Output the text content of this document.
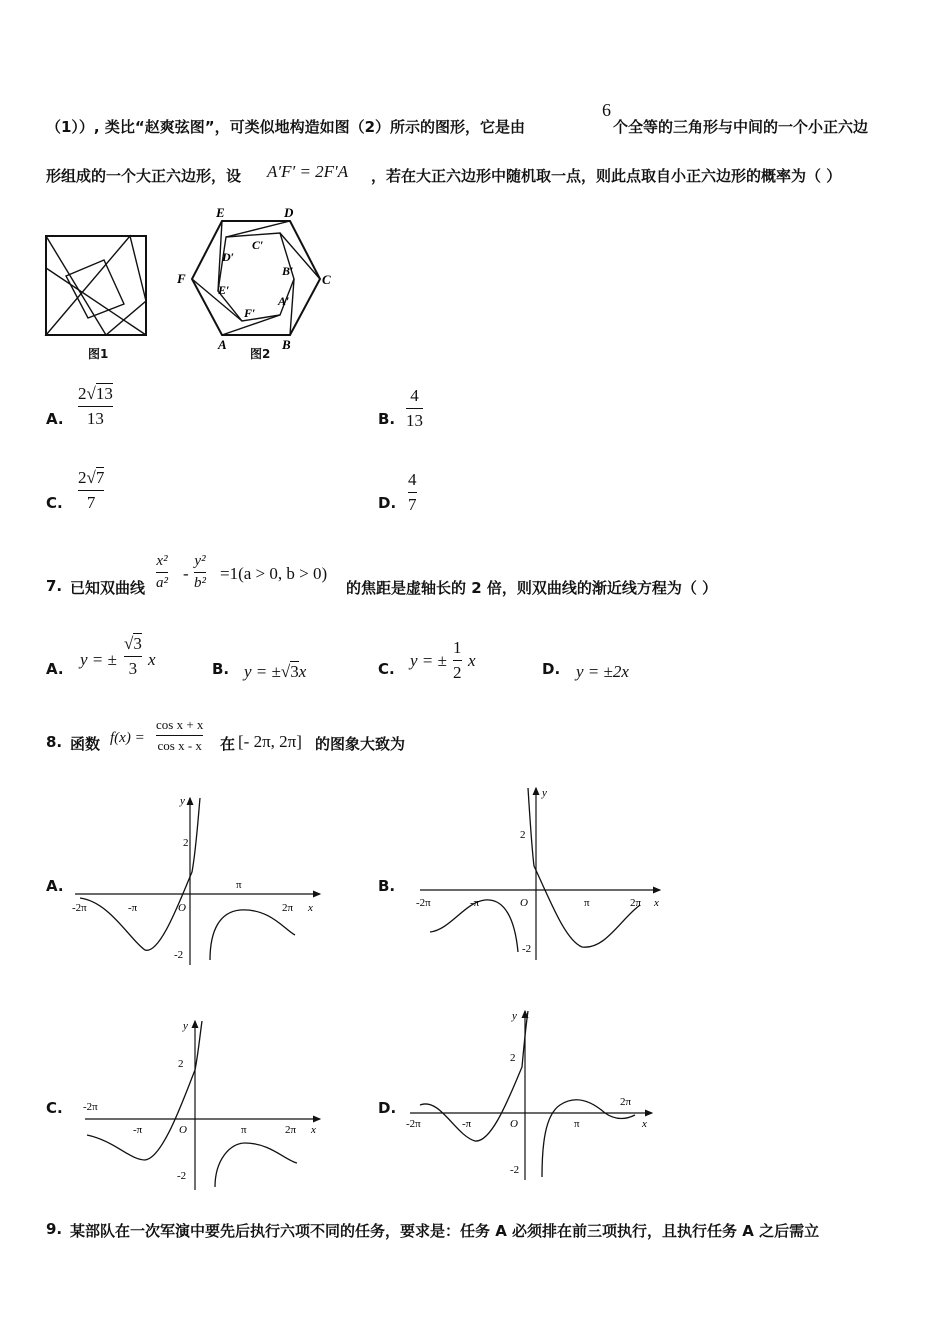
（1））, 类比“赵爽弦图”，可类似地构造如图（2）所示的图形，它是由
6
个全等的三角形与中间的一个小正六边
形组成的一个大正六边形，设 A′F′ = 2F′A ，若在大正六边形中随机取一点，则此点取自小正六边形的概率为（ ）
图1
E	D
C
B
A
F
C′
D′
B′
E′
A′
F′
图2
A.
2√13
13	B.
4
13
C.
2√7
7	D.
4
7
7. 已知双曲线
x²
a² -
y²
b² =1(a > 0, b > 0)
的焦距是虚轴长的 2 倍，则双曲线的渐近线方程为（ ）
A. y = ±
√3
3 x	B. y = ±√3x	C. y = ±
1
2
x	D. y = ±2x
8. 函数 f(x) =
cos x + x
cos x - x 在 [- 2π, 2π] 的图象大致为
A.	B.
C.	D.
2
-2
-2π	-π	O
π
2π x
y
2
-2
-2π	-π	O	π	2π x
y
2
-2
-2π
-π	O	π	2π x
y
2
-2
-2π	-π	O	π
2π
x
y
9. 某部队在一次军演中要先后执行六项不同的任务，要求是：任务 A 必须排在前三项执行，且执行任务 A 之后需立
